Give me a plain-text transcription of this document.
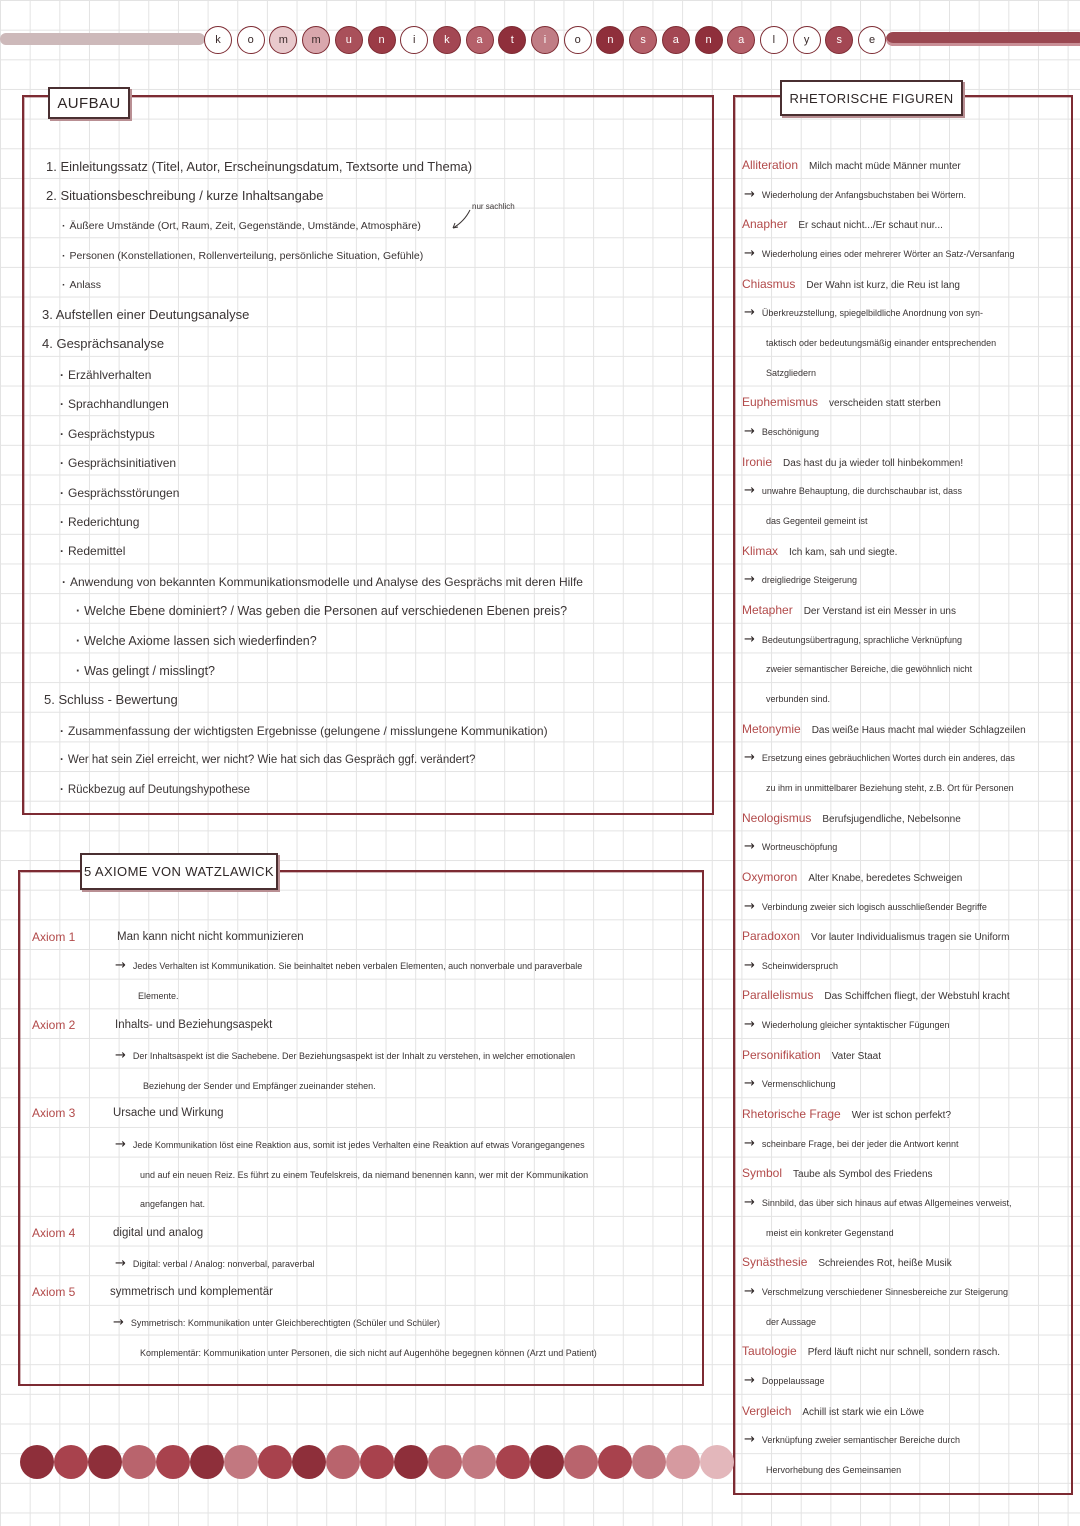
AUFBAU
1. Einleitungssatz (Titel, Autor, Erscheinungsdatum, Textsorte und Thema)
2. Situationsbeschreibung / kurze Inhaltsangabe
nur sachlich
· Äußere Umstände (Ort, Raum, Zeit, Gegenstände, Umstände, Atmosphäre)
· Personen (Konstellationen, Rollenverteilung, persönliche Situation, Gefühle)
· Anlass
3. Aufstellen einer Deutungsanalyse
4. Gesprächsanalyse
· Erzählverhalten
· Sprachhandlungen
· Gesprächstypus
· Gesprächsinitiativen
· Gesprächsstörungen
· Rederichtung
· Redemittel
· Anwendung von bekannten Kommunikationsmodelle und Analyse des Gesprächs mit deren Hilfe
· Welche Ebene dominiert? / Was geben die Personen auf verschiedenen Ebenen preis?
· Welche Axiome lassen sich wiederfinden?
· Was gelingt / misslingt?
5. Schluss - Bewertung
· Zusammenfassung der wichtigsten Ergebnisse (gelungene / misslungene Kommunikation)
· Wer hat sein Ziel erreicht, wer nicht? Wie hat sich das Gespräch ggf. verändert?
· Rückbezug auf Deutungshypothese
5 AXIOME VON WATZLAWICK
Axiom 1	Man kann nicht nicht kommunizieren
→ Jedes Verhalten ist Kommunikation. Sie beinhaltet neben verbalen Elementen, auch nonverbale und paraverbale
Elemente.
Axiom 2	Inhalts- und Beziehungsaspekt
→ Der Inhaltsaspekt ist die Sachebene. Der Beziehungsaspekt ist der Inhalt zu verstehen, in welcher emotionalen
Beziehung der Sender und Empfänger zueinander stehen.
Axiom 3	Ursache und Wirkung
→ Jede Kommunikation löst eine Reaktion aus, somit ist jedes Verhalten eine Reaktion auf etwas Vorangegangenes
und auf ein neuen Reiz. Es führt zu einem Teufelskreis, da niemand benennen kann, wer mit der Kommunikation
angefangen hat.
Axiom 4	digital und analog
→ Digital: verbal / Analog: nonverbal, paraverbal
Axiom 5	symmetrisch und komplementär
→ Symmetrisch: Kommunikation unter Gleichberechtigten (Schüler und Schüler)
Komplementär: Kommunikation unter Personen, die sich nicht auf Augenhöhe begegnen können (Arzt und Patient)
RHETORISCHE FIGUREN
k o m m u n	i	k a	t	i	o n s a n a	l	y s e
Alliteration Milch macht müde Männer munter
→ Wiederholung der Anfangsbuchstaben bei Wörtern.
Anapher Er schaut nicht.../Er schaut nur...
→ Wiederholung eines oder mehrerer Wörter an Satz-/Versanfang
Chiasmus Der Wahn ist kurz, die Reu ist lang
→ Überkreuzstellung, spiegelbildliche Anordnung von syn-
taktisch oder bedeutungsmäßig einander entsprechenden
Satzgliedern
Euphemismus verscheiden statt sterben
→ Beschönigung
Ironie Das hast du ja wieder toll hinbekommen!
→ unwahre Behauptung, die durchschaubar ist, dass
das Gegenteil gemeint ist
Klimax Ich kam, sah und siegte.
→ dreigliedrige Steigerung
Metapher Der Verstand ist ein Messer in uns
→ Bedeutungsübertragung, sprachliche Verknüpfung
zweier semantischer Bereiche, die gewöhnlich nicht
verbunden sind.
Metonymie Das weiße Haus macht mal wieder Schlagzeilen
→ Ersetzung eines gebräuchlichen Wortes durch ein anderes, das
zu ihm in unmittelbarer Beziehung steht, z.B. Ort für Personen
Neologismus Berufsjugendliche, Nebelsonne
→ Wortneuschöpfung
Oxymoron Alter Knabe, beredetes Schweigen
→ Verbindung zweier sich logisch ausschließender Begriffe
Paradoxon Vor lauter Individualismus tragen sie Uniform
→ Scheinwiderspruch
Parallelismus Das Schiffchen fliegt, der Webstuhl kracht
→ Wiederholung gleicher syntaktischer Fügungen
Personifikation Vater Staat
→ Vermenschlichung
Rhetorische Frage Wer ist schon perfekt?
→ scheinbare Frage, bei der jeder die Antwort kennt
Symbol Taube als Symbol des Friedens
→ Sinnbild, das über sich hinaus auf etwas Allgemeines verweist,
meist ein konkreter Gegenstand
Synästhesie Schreiendes Rot, heiße Musik
→ Verschmelzung verschiedener Sinnesbereiche zur Steigerung
der Aussage
Tautologie Pferd läuft nicht nur schnell, sondern rasch.
→ Doppelaussage
Vergleich Achill ist stark wie ein Löwe
→ Verknüpfung zweier semantischer Bereiche durch
Hervorhebung des Gemeinsamen
